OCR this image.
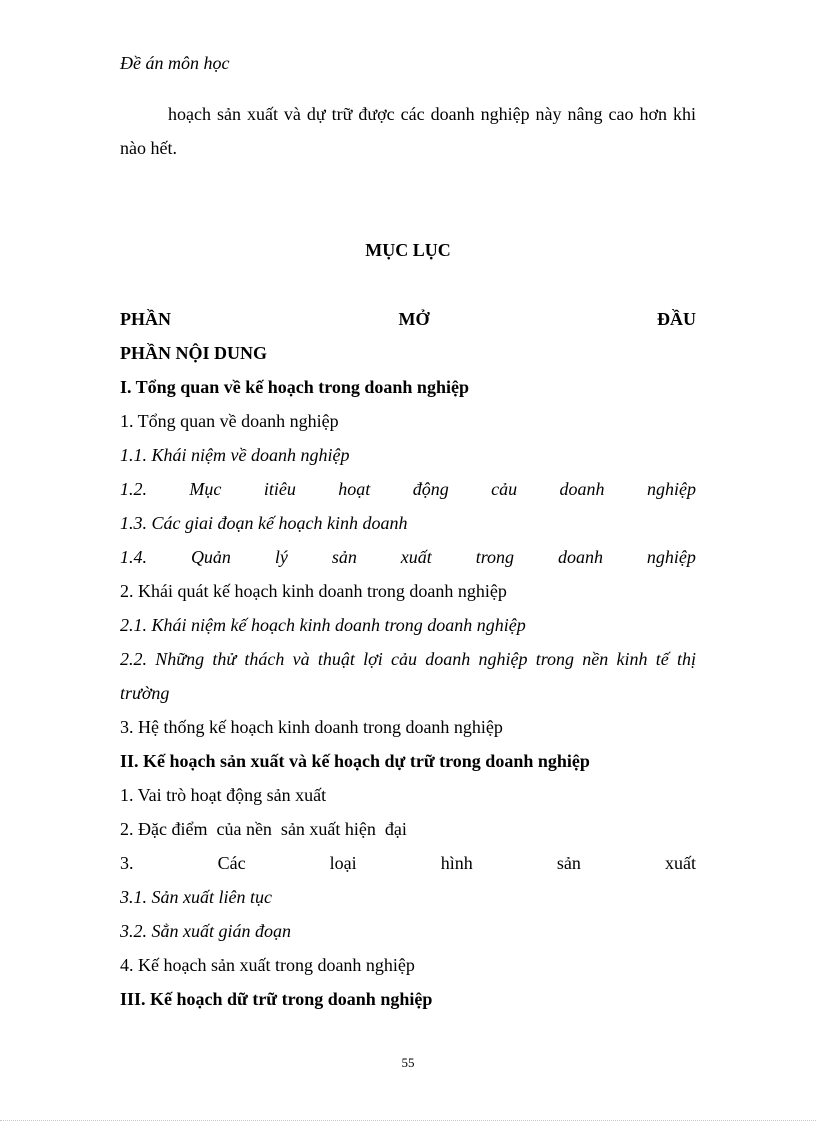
Đề án môn học
hoạch sản xuất và dự trữ được các doanh nghiệp này nâng cao hơn khi
nào hết.
MỤC LỤC
PHẦN	MỞ	ĐẦU
PHẦN NỘI DUNG
I. Tổng quan về kế hoạch trong doanh nghiệp
1. Tổng quan về doanh nghiệp
1.1. Khái niệm về doanh nghiệp
1.2. Mục itiêu hoạt động cảu doanh nghiệp
1.3. Các giai đoạn kế hoạch kinh doanh
1.4. Quản lý sản xuất trong doanh nghiệp
2. Khái quát kế hoạch kinh doanh trong doanh nghiệp
2.1. Khái niệm kế hoạch kinh doanh trong doanh nghiệp
2.2. Những thử thách và thuật lợi cảu doanh nghiệp trong nền kinh tế thị trường
3. Hệ thống kế hoạch kinh doanh trong doanh nghiệp
II. Kế hoạch sản xuất và kế hoạch dự trữ trong doanh nghiệp
1. Vai trò hoạt động sản xuất
2. Đặc điểm  của nền  sản xuất hiện  đại
3.	Các	loại	hình	sản	xuất
3.1. Sản xuất liên tục
3.2. Sẳn xuất gián đoạn
4. Kế hoạch sản xuất trong doanh nghiệp
III. Kế hoạch dữ trữ trong doanh nghiệp
55
